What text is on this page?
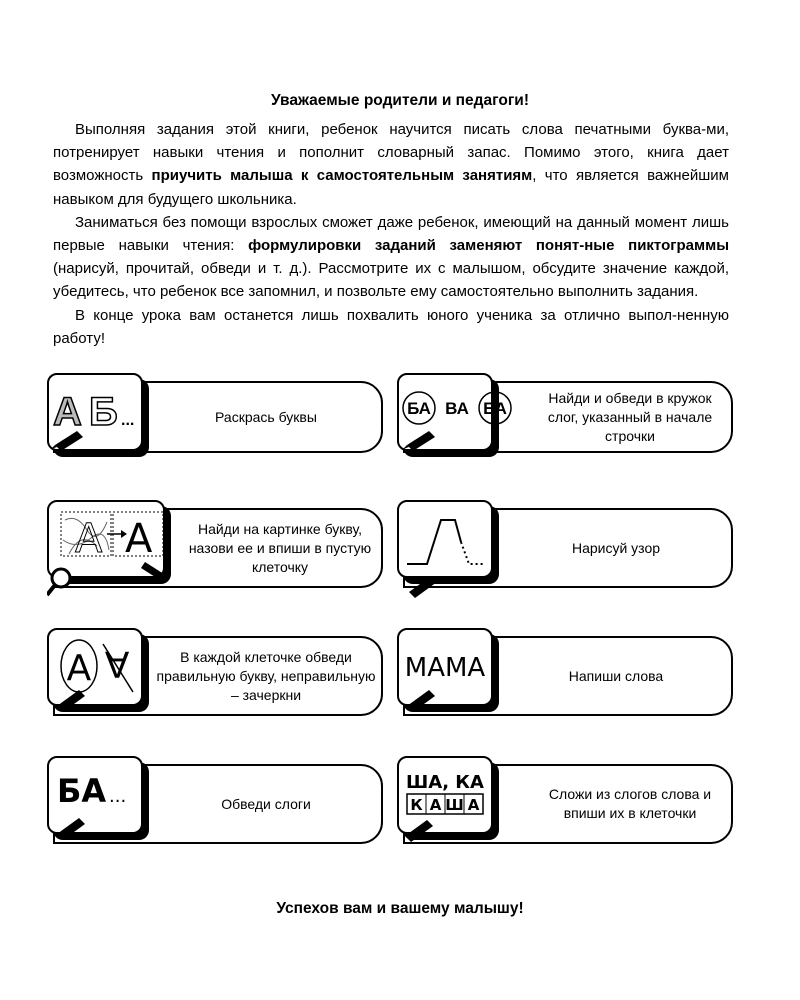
Уважаемые родители и педагоги!

Выполняя задания этой книги, ребенок научится писать слова печатными буква-ми, потренирует навыки чтения и пополнит словарный запас. Помимо этого, книга дает возможность приучить малыша к самостоятельным занятиям, что является важнейшим навыком для будущего школьника.

Заниматься без помощи взрослых сможет даже ребенок, имеющий на данный момент лишь первые навыки чтения: формулировки заданий заменяют понят-ные пиктограммы (нарисуй, прочитай, обведи и т. д.). Рассмотрите их с малышом, обсудите значение каждой, убедитесь, что ребенок все запомнил, и позвольте ему самостоятельно выполнить задания.

В конце урока вам останется лишь похвалить юного ученика за отлично выпол-ненную работу!

А Б ...	Раскрась буквы	БА ВА БА
Найди и обведи в кружок слог, указанный в начале строчки
А А	Найди на картинке букву, назови ее и впиши в пустую клеточку
Нарисуй узор
А А	В каждой клеточке обведи правильную букву, неправильную – зачеркни
МАМА	Напиши слова
БА ...	Обведи слоги
ША, КА
К А Ш А
Сложи из слогов слова и впиши их в клеточки
Успехов вам и вашему малышу!
